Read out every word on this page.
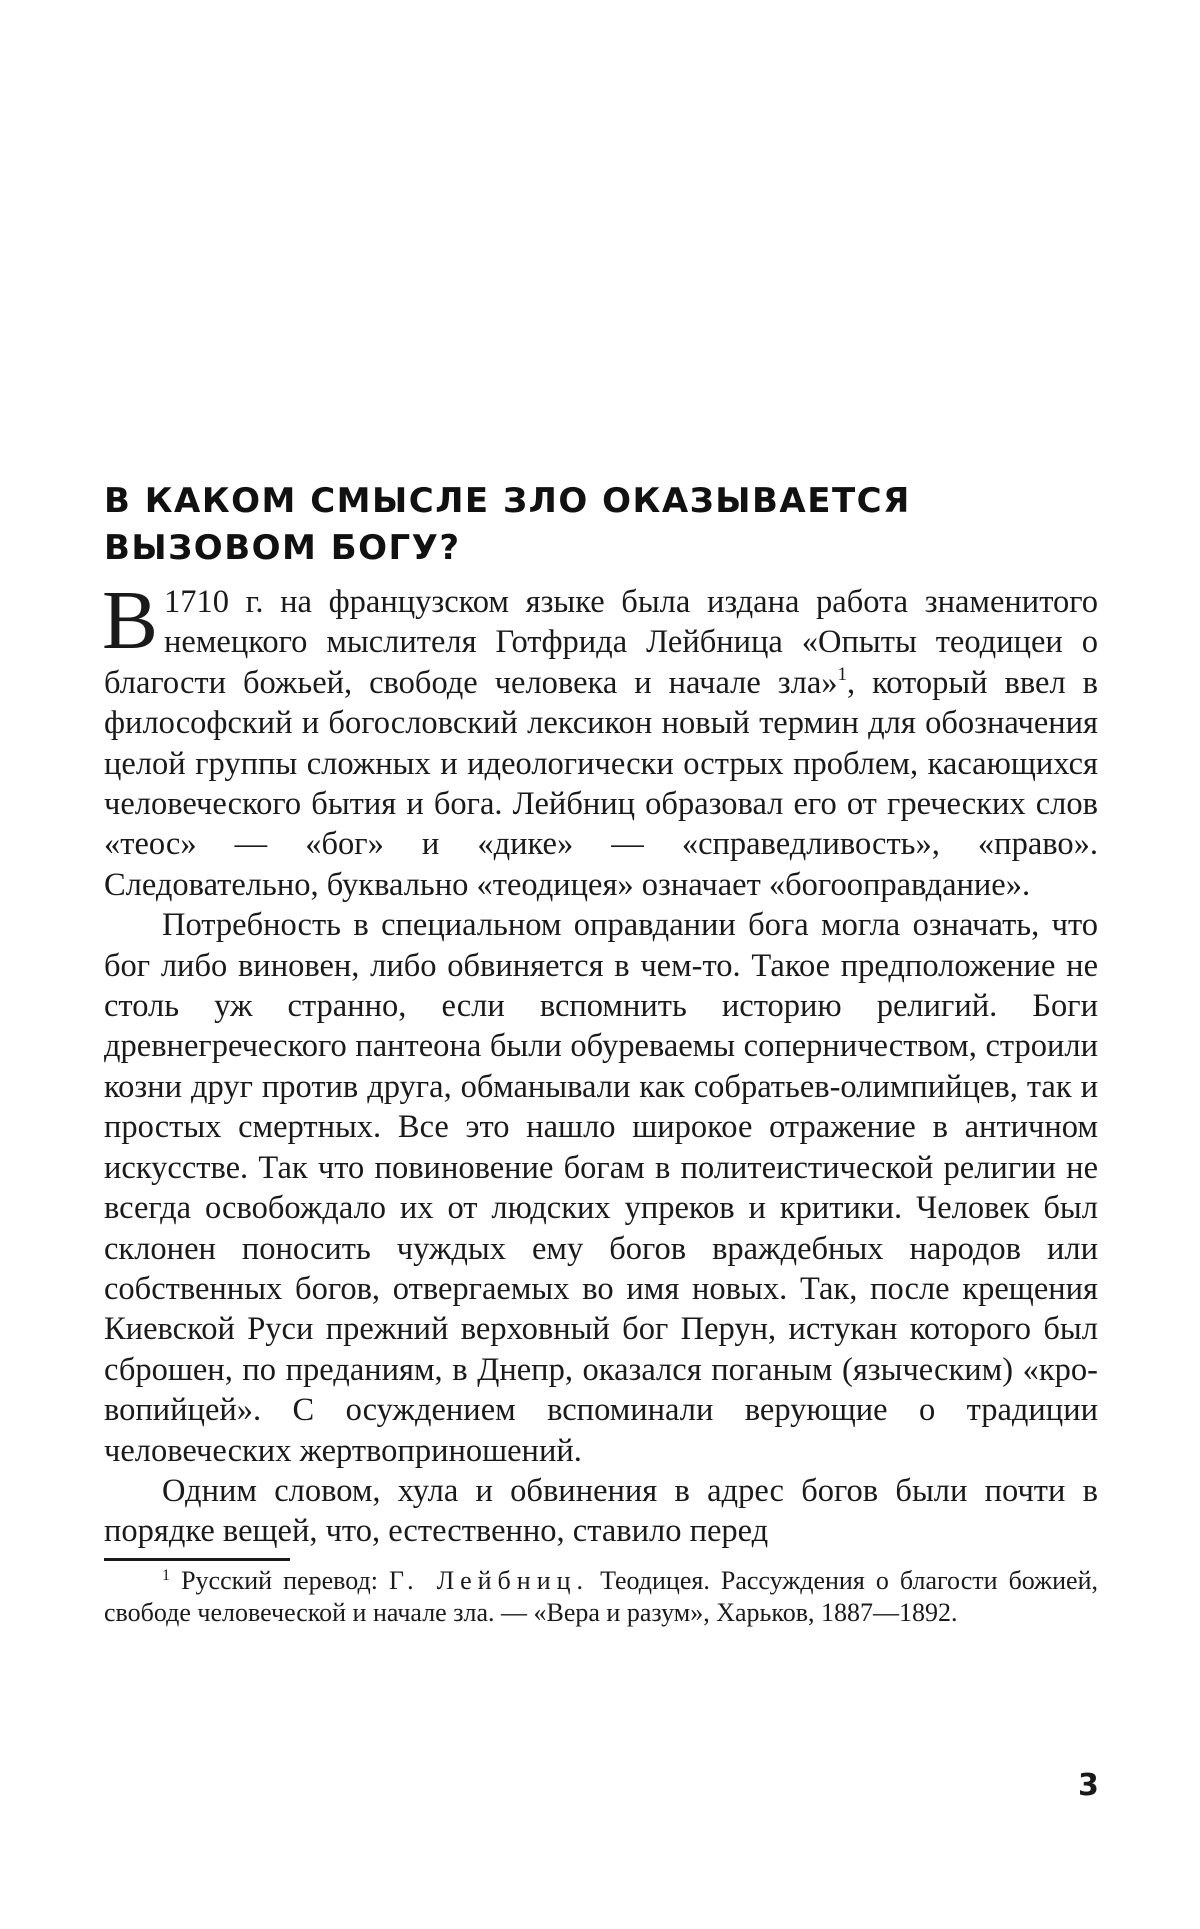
В КАКОМ СМЫСЛЕ ЗЛО ОКАЗЫВАЕТСЯ
ВЫЗОВОМ БОГУ?

В 1710 г. на французском языке была издана работа знаменитого немецкого мыслителя Готфрида Лейбница «Опыты теодицеи о благости божьей, свободе человека и начале зла»$^1$, который ввел в философский и богословский лексикон новый термин для обозначения целой группы сложных и идеологически острых проблем, касающихся человеческого бытия и бога. Лейбниц образовал его от греческих слов «теос» — «бог» и «дике» — «справедливость», «право». Следовательно, буквально «теодицея» означает «богооправдание».

Потребность в специальном оправдании бога могла означать, что бог либо виновен, либо обвиняется в чем-то. Такое предположение не столь уж странно, если вспомнить историю религий. Боги древнегреческого пантеона были обуреваемы соперничеством, строили козни друг против друга, обманывали как собратьев-олимпийцев, так и простых смертных. Все это нашло широкое отражение в античном искусстве. Так что повиновение богам в политеистической религии не всегда освобождало их от людских упреков и критики. Человек был склонен поносить чуждых ему богов враждебных народов или собственных богов, отвергаемых во имя новых. Так, после крещения Киевской Руси прежний верховный бог Перун, истукан которого был сброшен, по преданиям, в Днепр, оказался поганым (языческим) «кровопийцей». С осуждением вспоминали верующие о традиции человеческих жертвоприношений.

Одним словом, хула и обвинения в адрес богов были почти в порядке вещей, что, естественно, ставило перед

$^1$ Русский перевод: Г. Лейбниц. Теодицея. Рассуждения о благости божией, свободе человеческой и начале зла. — «Вера и разум», Харьков, 1887—1892.
3
